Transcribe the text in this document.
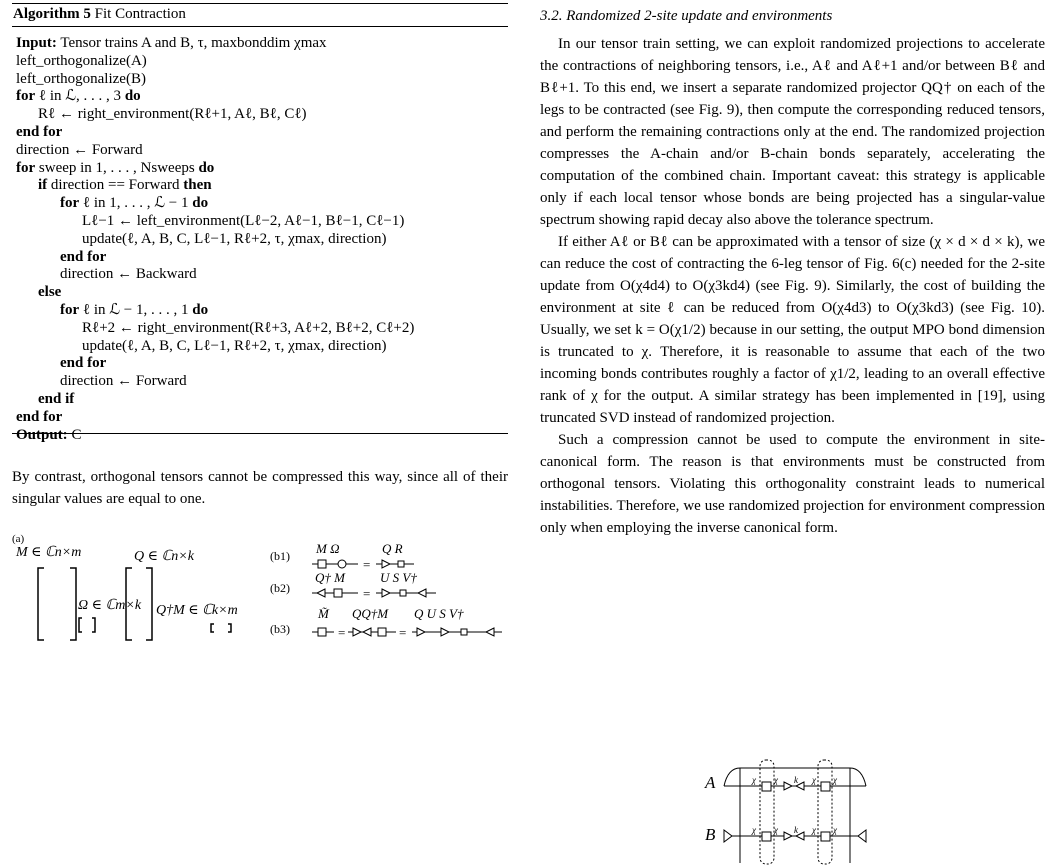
Algorithm 5 Fit Contraction
Input: Tensor trains A and B, τ, maxbonddim χmax
left_orthogonalize(A)
left_orthogonalize(B)
for ℓ in ℒ, . . . , 3 do
Rℓ ← right_environment(Rℓ+1, Aℓ, Bℓ, Cℓ)
end for
direction ← Forward
for sweep in 1, . . . , Nsweeps do
if direction == Forward then
for ℓ in 1, . . . , ℒ − 1 do
Lℓ−1 ← left_environment(Lℓ−2, Aℓ−1, Bℓ−1, Cℓ−1)
update(ℓ, A, B, C, Lℓ−1, Rℓ+2, τ, χmax, direction)
end for
direction ← Backward
else
for ℓ in ℒ − 1, . . . , 1 do
Rℓ+2 ← right_environment(Rℓ+3, Aℓ+2, Bℓ+2, Cℓ+2)
update(ℓ, A, B, C, Lℓ−1, Rℓ+2, τ, χmax, direction)
end for
direction ← Forward
end if
end for
Output: C

By contrast, orthogonal tensors cannot be compressed this way, since all of their singular values are equal to one.

(a)
M ∈ ℂn×m	Q ∈ ℂn×k
Ω ∈ ℂm×k Q†M ∈ ℂk×m
(b1) M Ω
=
Q R
(b2)
Q† M
=
U S V†
(b3)
M̃
=
QQ†M
=
Q U S V†
3.2. Randomized 2-site update and environments

In our tensor train setting, we can exploit randomized projections to accelerate the contractions of neighboring tensors, i.e., Aℓ and Aℓ+1 and/or between Bℓ and Bℓ+1. To this end, we insert a separate randomized projector QQ† on each of the legs to be contracted (see Fig. 9), then compute the corresponding reduced tensors, and perform the remaining contractions only at the end. The randomized projection compresses the A-chain and/or B-chain bonds separately, accelerating the computation of the combined chain. Important caveat: this strategy is applicable only if each local tensor whose bonds are being projected has a singular-value spectrum showing rapid decay also above the tolerance spectrum.

If either Aℓ or Bℓ can be approximated with a tensor of size (χ × d × d × k), we can reduce the cost of contracting the 6-leg tensor of Fig. 6(c) needed for the 2-site update from O(χ4d4) to O(χ3kd4) (see Fig. 9). Similarly, the cost of building the environment at site ℓ can be reduced from O(χ4d3) to O(χ3kd3) (see Fig. 10). Usually, we set k = O(χ1/2) because in our setting, the output MPO bond dimension is truncated to χ. Therefore, it is reasonable to assume that each of the two incoming bonds contributes roughly a factor of χ1/2, leading to an overall effective rank of χ for the output. A similar strategy has been implemented in [19], using truncated SVD instead of randomized projection.

Such a compression cannot be used to compute the environment in site-canonical form. The reason is that environments must be constructed from orthogonal tensors. Violating this orthogonality constraint leads to numerical instabilities. Therefore, we use randomized projection for environment compression only when employing the inverse canonical form.

A
B
χ χ k χ χ
χ χ k χ χ
